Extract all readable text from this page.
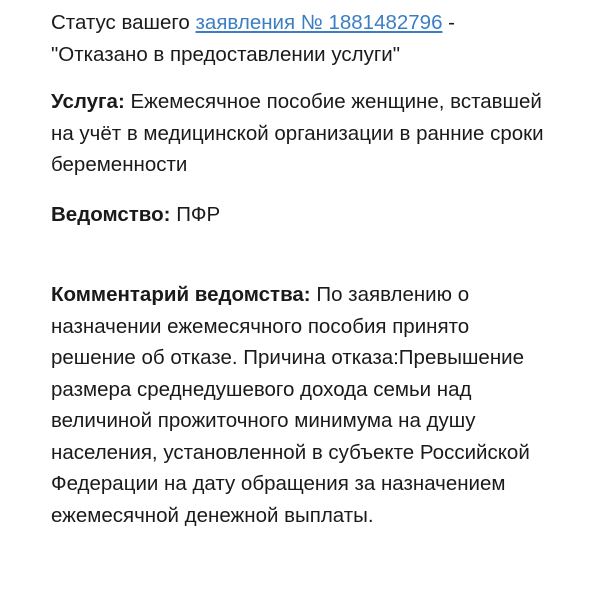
Статус вашего заявления № 1881482796 -
"Отказано в предоставлении услуги"

Услуга: Ежемесячное пособие женщине, вставшей на учёт в медицинской организации в ранние сроки беременности

Ведомство: ПФР

Комментарий ведомства: По заявлению о назначении ежемесячного пособия принято решение об отказе. Причина отказа:Превышение размера среднедушевого дохода семьи над величиной прожиточного минимума на душу населения, установленной в субъекте Российской Федерации на дату обращения за назначением ежемесячной денежной выплаты.
